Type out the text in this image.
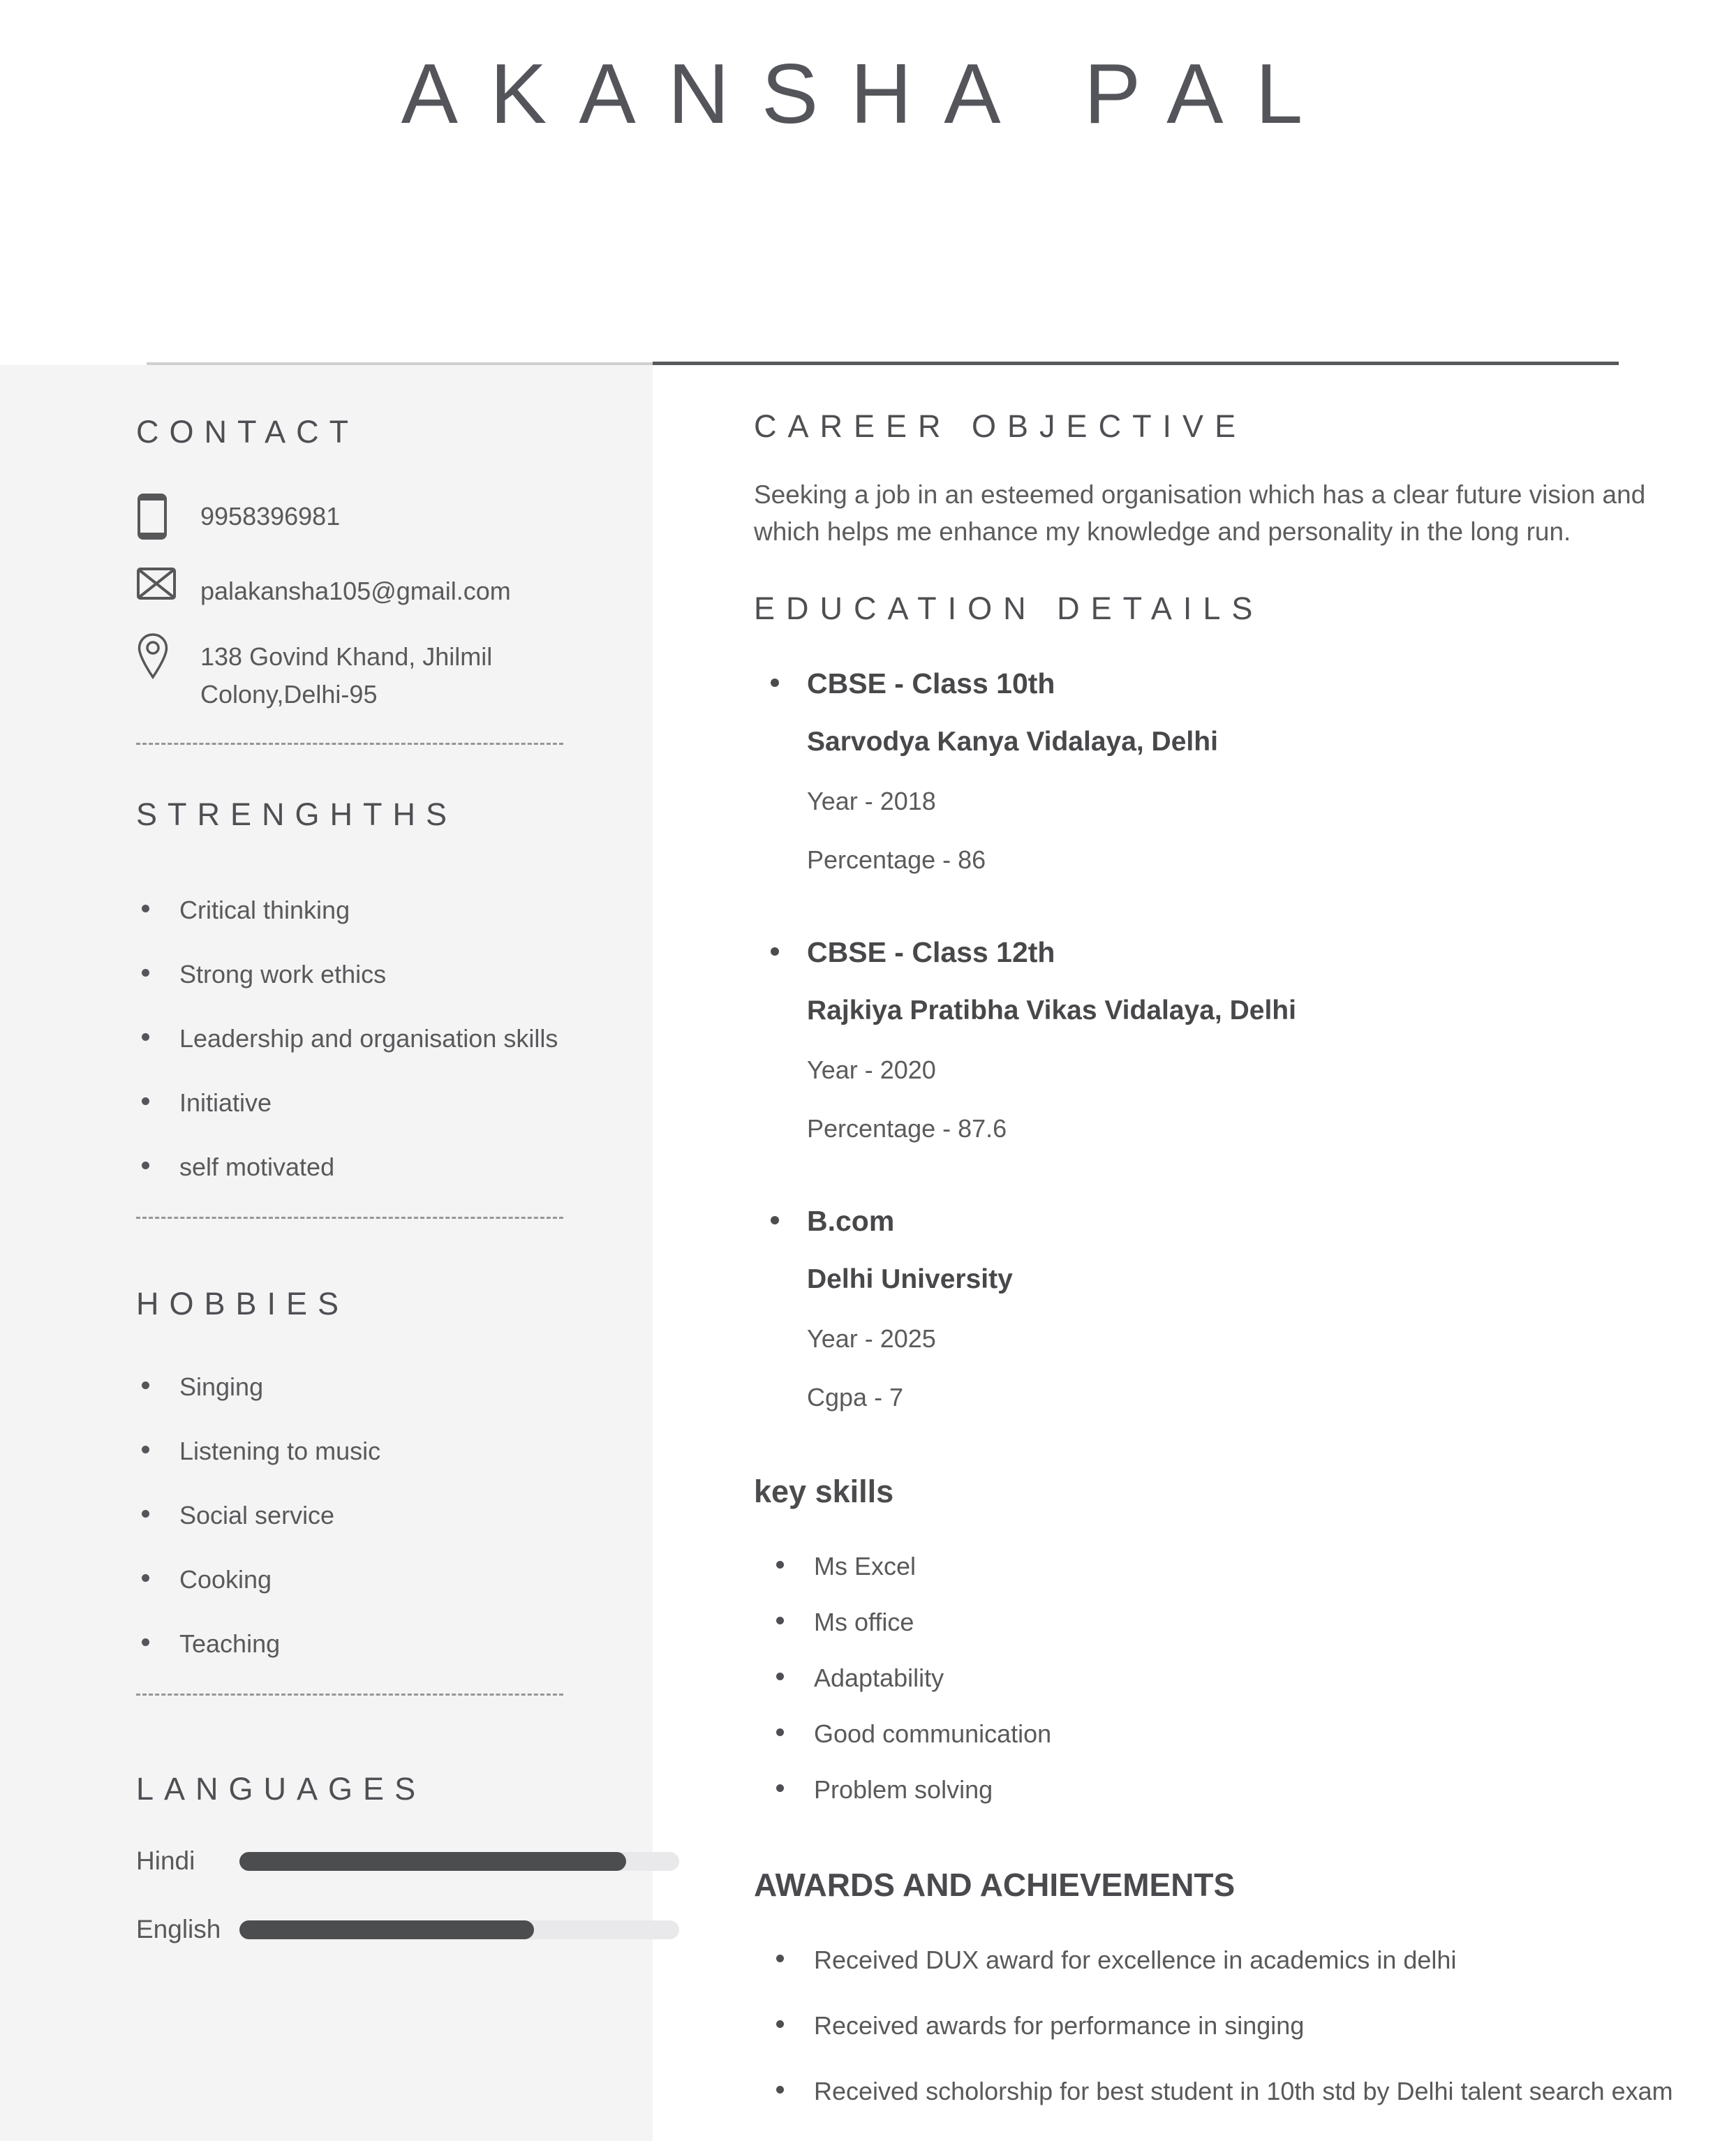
AKANSHA PAL
CONTACT
9958396981
palakansha105@gmail.com
138 Govind Khand, Jhilmil Colony,Delhi-95
STRENGHTHS
Critical thinking
Strong work ethics
Leadership and organisation skills
Initiative
self motivated
HOBBIES
Singing
Listening to music
Social service
Cooking
Teaching
LANGUAGES
Hindi
English
CAREER OBJECTIVE

Seeking a job in an esteemed organisation which has a clear future vision and which helps me enhance my knowledge and personality in the long run.

EDUCATION DETAILS
CBSE - Class 10th
Sarvodya Kanya Vidalaya, Delhi
Year - 2018
Percentage - 86
CBSE - Class 12th
Rajkiya Pratibha Vikas Vidalaya, Delhi
Year - 2020
Percentage - 87.6
B.com
Delhi University
Year - 2025
Cgpa - 7
key skills
Ms Excel
Ms office
Adaptability
Good communication
Problem solving
AWARDS AND ACHIEVEMENTS
Received DUX award for excellence in academics in delhi
Received awards for performance in singing
Received scholorship for best student in 10th std by Delhi talent search exam
